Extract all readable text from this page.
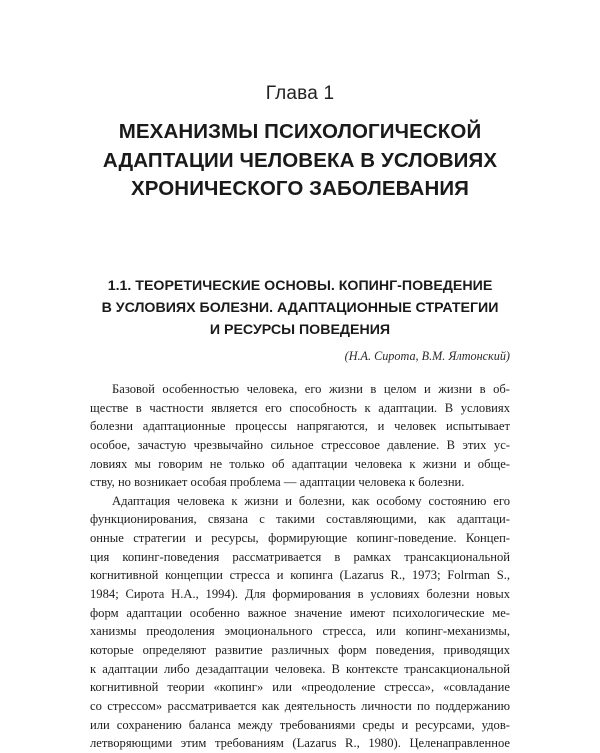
Глава 1
МЕХАНИЗМЫ ПСИХОЛОГИЧЕСКОЙ
АДАПТАЦИИ ЧЕЛОВЕКА В УСЛОВИЯХ
ХРОНИЧЕСКОГО ЗАБОЛЕВАНИЯ
1.1. ТЕОРЕТИЧЕСКИЕ ОСНОВЫ. КОПИНГ-ПОВЕДЕНИЕ
В УСЛОВИЯХ БОЛЕЗНИ. АДАПТАЦИОННЫЕ СТРАТЕГИИ
И РЕСУРСЫ ПОВЕДЕНИЯ
(Н.А. Сирота, В.М. Ялтонский)
Базовой особенностью человека, его жизни в целом и жизни в об-
ществе в частности является его способность к адаптации. В условиях
болезни адаптационные процессы напрягаются, и человек испытывает
особое, зачастую чрезвычайно сильное стрессовое давление. В этих ус-
ловиях мы говорим не только об адаптации человека к жизни и общe-
ству, но возникает особая проблема — адаптации человека к болезни.
Адаптация человека к жизни и болезни, как особому состоянию его
функционирования, связана с такими составляющими, как адаптаци-
онные стратегии и ресурсы, формирующие копинг-поведение. Концеп-
ция копинг-поведения рассматривается в рамках трансакциональной
когнитивной концепции стресса и копинга (Lazarus R., 1973; Folrman S.,
1984; Сирота Н.А., 1994). Для формирования в условиях болезни новых
форм адаптации особенно важное значение имеют психологические ме-
ханизмы преодоления эмоционального стресса, или копинг-механизмы,
которые определяют развитие различных форм поведения, приводящих
к адаптации либо дезадаптации человека. В контексте трансакциональной
когнитивной теории «копинг» или «преодоление стресса», «совладание
со стрессом» рассматривается как деятельность личности по поддержанию
или сохранению баланса между требованиями среды и ресурсами, удов-
летворяющими этим требованиям (Lazarus R., 1980). Целенаправленное
